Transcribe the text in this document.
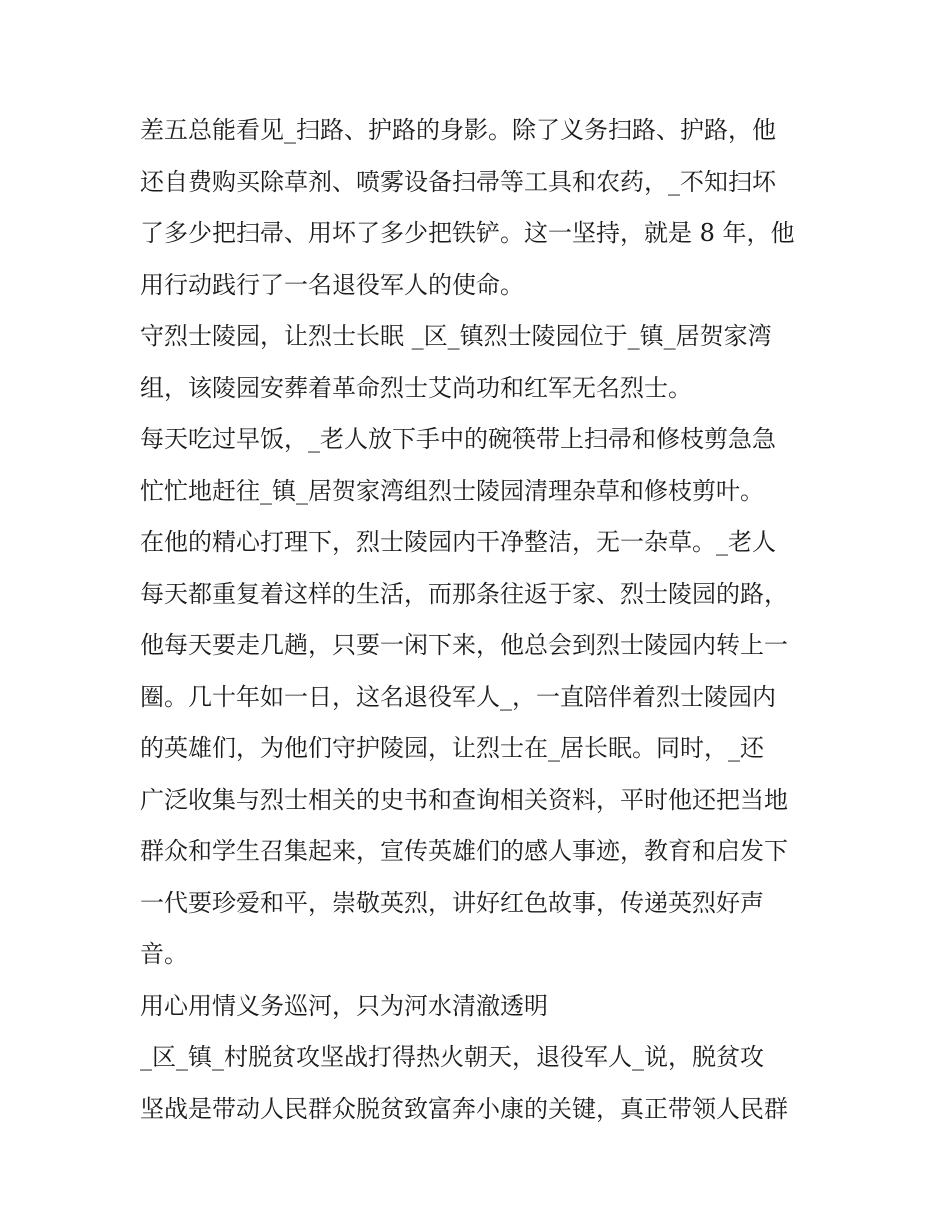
差五总能看见_扫路、护路的身影。除了义务扫路、护路，他
还自费购买除草剂、喷雾设备扫帚等工具和农药，_不知扫坏
了多少把扫帚、用坏了多少把铁铲。这一坚持，就是 8 年，他
用行动践行了一名退役军人的使命。
守烈士陵园，让烈士长眠 _区_镇烈士陵园位于_镇_居贺家湾
组，该陵园安葬着革命烈士艾尚功和红军无名烈士。
每天吃过早饭，_老人放下手中的碗筷带上扫帚和修枝剪急急
忙忙地赶往_镇_居贺家湾组烈士陵园清理杂草和修枝剪叶。
在他的精心打理下，烈士陵园内干净整洁，无一杂草。_老人
每天都重复着这样的生活，而那条往返于家、烈士陵园的路，
他每天要走几趟，只要一闲下来，他总会到烈士陵园内转上一
圈。几十年如一日，这名退役军人_，一直陪伴着烈士陵园内
的英雄们，为他们守护陵园，让烈士在_居长眠。同时，_还
广泛收集与烈士相关的史书和查询相关资料，平时他还把当地
群众和学生召集起来，宣传英雄们的感人事迹，教育和启发下
一代要珍爱和平，崇敬英烈，讲好红色故事，传递英烈好声
音。
用心用情义务巡河，只为河水清澈透明
_区_镇_村脱贫攻坚战打得热火朝天，退役军人_说，脱贫攻
坚战是带动人民群众脱贫致富奔小康的关键，真正带领人民群
